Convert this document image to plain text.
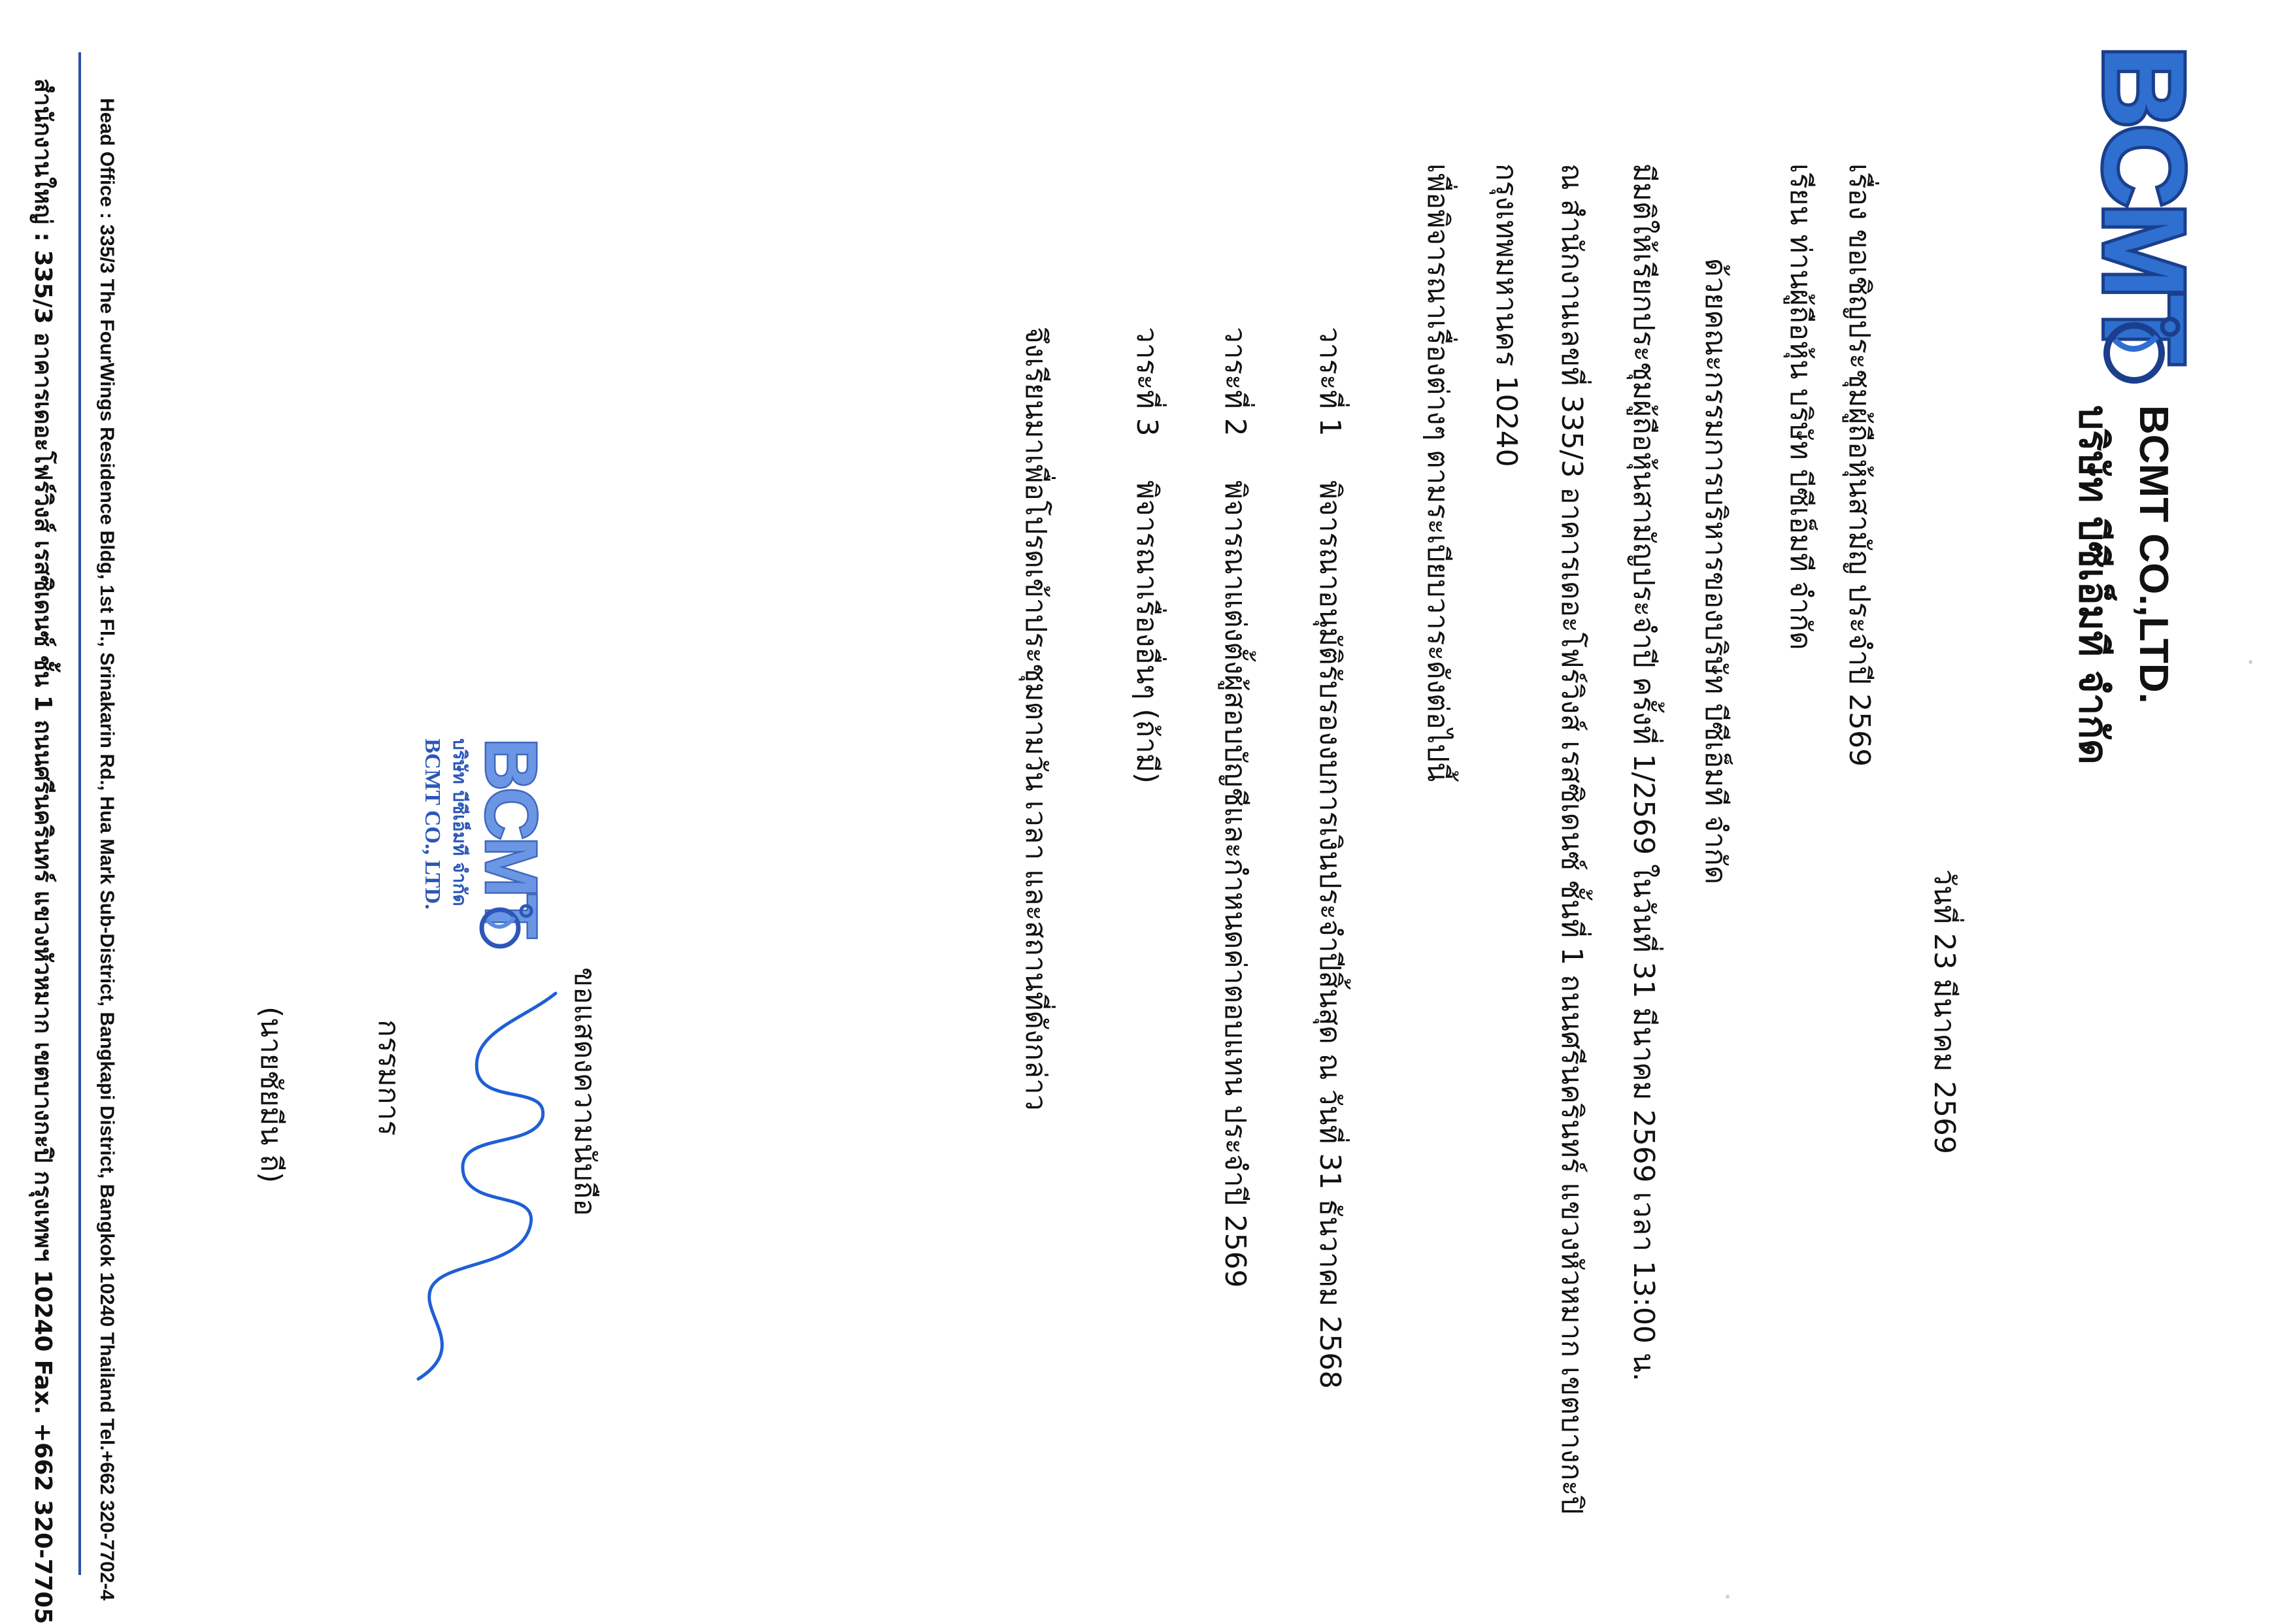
BCMT
BCMT CO.,LTD.
บริษัท บีซีเอ็มที จำกัด
วันที่ 23 มีนาคม 2569
เรื่อง ขอเชิญประชุมผู้ถือหุ้นสามัญ ประจำปี 2569
เรียน ท่านผู้ถือหุ้น บริษัท บีซีเอ็มที จำกัด
ด้วยคณะกรรมการบริหารของบริษัท บีซีเอ็มที จำกัด
มีมติให้เรียกประชุมผู้ถือหุ้นสามัญประจำปี ครั้งที่ 1/2569 ในวันที่ 31 มีนาคม 2569 เวลา 13:00 น.
ณ สำนักงานเลขที่ 335/3 อาคารเดอะโฟร์วิงส์ เรสซิเดนซ์ ชั้นที่ 1 ถนนศรีนครินทร์ แขวงหัวหมาก เขตบางกะปิ
กรุงเทพมหานคร 10240
เพื่อพิจารณาเรื่องต่างๆ ตามระเบียบวาระดังต่อไปนี้
วาระที่ 1
พิจารณาอนุมัติรับรองงบการเงินประจำปีสิ้นสุด ณ วันที่ 31 ธันวาคม 2568
วาระที่ 2
พิจารณาแต่งตั้งผู้สอบบัญชีและกำหนดค่าตอบแทน ประจำปี 2569
วาระที่ 3
พิจารณาเรื่องอื่นๆ (ถ้ามี)
จึงเรียนมาเพื่อโปรดเข้าประชุมตามวัน เวลา และสถานที่ดังกล่าว
ขอแสดงความนับถือ
กรรมการ
(นายชัยมีน ถี)
BCMT
บริษัท บีซีเอ็มที จำกัด
BCMT CO., LTD.
Head Office : 335/3 The FourWings Residence Bldg, 1st Fl., Srinakarin Rd., Hua Mark Sub-District, Bangkapi District, Bangkok 10240 Thailand Tel.+662 320-7702-4
สำนักงานใหญ่ : 335/3 อาคารเดอะโฟร์วิงส์ เรสซิเดนซ์ ชั้น 1 ถนนศรีนครินทร์ แขวงหัวหมาก เขตบางกะปิ กรุงเทพฯ 10240 Fax. +662 320-7705
